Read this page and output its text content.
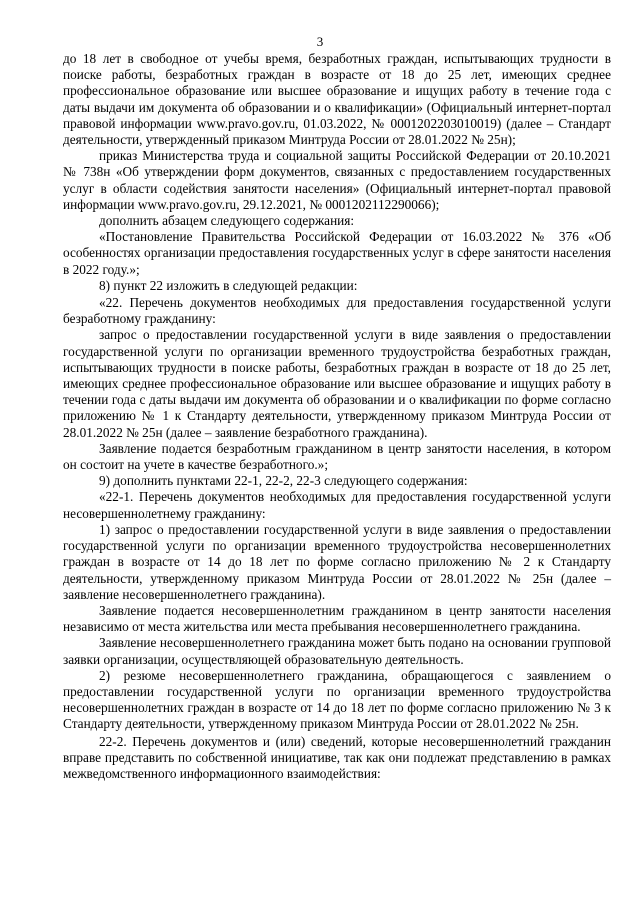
3

до 18 лет в свободное от учебы время, безработных граждан, испытывающих трудности в поиске работы, безработных граждан в возрасте от 18 до 25 лет, имеющих среднее профессиональное образование или высшее образование и ищущих работу в течение года с даты выдачи им документа об образовании и о квалификации» (Официальный интернет-портал правовой информации www.pravo.gov.ru, 01.03.2022, № 0001202203010019) (далее – Стандарт деятельности, утвержденный приказом Минтруда России от 28.01.2022 № 25н);

приказ Министерства труда и социальной защиты Российской Федерации от 20.10.2021 № 738н «Об утверждении форм документов, связанных с предоставлением государственных услуг в области содействия занятости населения» (Официальный интернет-портал правовой информации www.pravo.gov.ru, 29.12.2021, № 0001202112290066);

дополнить абзацем следующего содержания:

«Постановление Правительства Российской Федерации от 16.03.2022 № 376 «Об особенностях организации предоставления государственных услуг в сфере занятости населения в 2022 году.»;

8) пункт 22 изложить в следующей редакции:

«22. Перечень документов необходимых для предоставления государственной услуги безработному гражданину:

запрос о предоставлении государственной услуги в виде заявления о предоставлении государственной услуги по организации временного трудоустройства безработных граждан, испытывающих трудности в поиске работы, безработных граждан в возрасте от 18 до 25 лет, имеющих среднее профессиональное образование или высшее образование и ищущих работу в течении года с даты выдачи им документа об образовании и о квалификации по форме согласно приложению № 1 к Стандарту деятельности, утвержденному приказом Минтруда России от 28.01.2022 № 25н (далее – заявление безработного гражданина).

Заявление подается безработным гражданином в центр занятости населения, в котором он состоит на учете в качестве безработного.»;

9) дополнить пунктами 22-1, 22-2, 22-3 следующего содержания:

«22-1. Перечень документов необходимых для предоставления государственной услуги несовершеннолетнему гражданину:

1) запрос о предоставлении государственной услуги в виде заявления о предоставлении государственной услуги по организации временного трудоустройства несовершеннолетних граждан в возрасте от 14 до 18 лет по форме согласно приложению № 2 к Стандарту деятельности, утвержденному приказом Минтруда России от 28.01.2022 № 25н (далее – заявление несовершеннолетнего гражданина).

Заявление подается несовершеннолетним гражданином в центр занятости населения независимо от места жительства или места пребывания несовершеннолетнего гражданина.

Заявление несовершеннолетнего гражданина может быть подано на основании групповой заявки организации, осуществляющей образовательную деятельность.

2) резюме несовершеннолетнего гражданина, обращающегося с заявлением о предоставлении государственной услуги по организации временного трудоустройства несовершеннолетних граждан в возрасте от 14 до 18 лет по форме согласно приложению № 3 к Стандарту деятельности, утвержденному приказом Минтруда России от 28.01.2022 № 25н.

22-2. Перечень документов и (или) сведений, которые несовершеннолетний гражданин вправе представить по собственной инициативе, так как они подлежат представлению в рамках межведомственного информационного взаимодействия:
